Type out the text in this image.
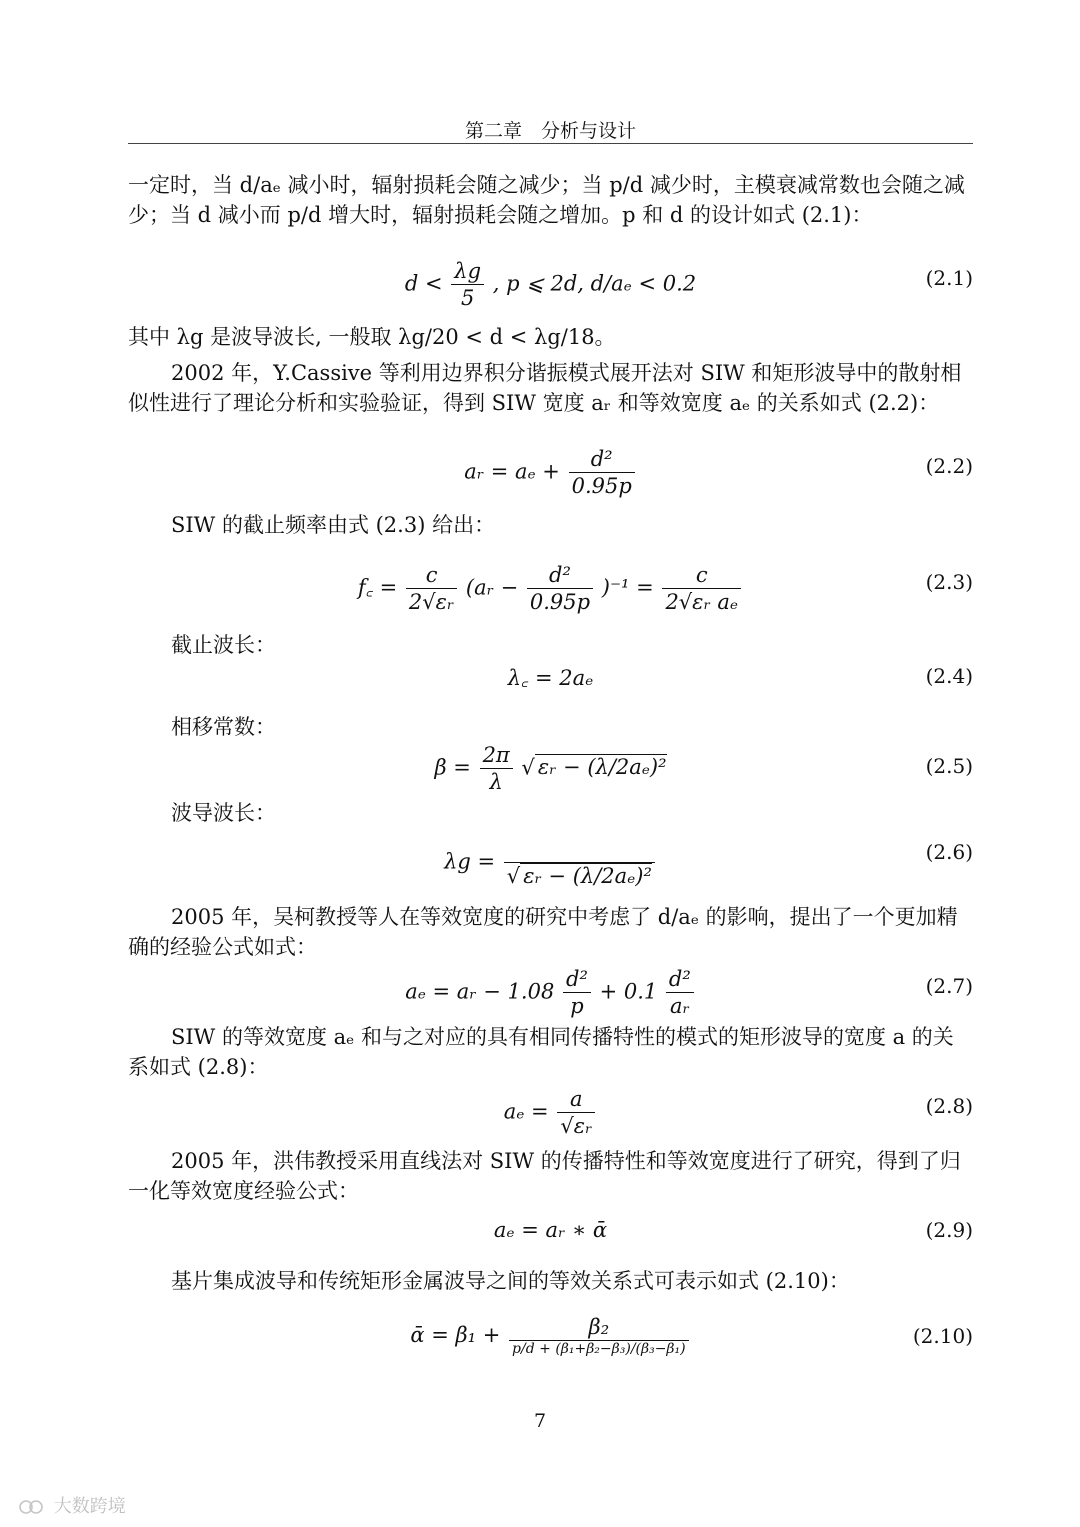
第二章　分析与设计
一定时，当 d/aₑ 减小时，辐射损耗会随之减少；当 p/d 减少时，主模衰减常数也会随之减少；当 d 减小而 p/d 增大时，辐射损耗会随之增加。p 和 d 的设计如式 (2.1)：
$d < \frac{\lambda g}{5}$ , p ⩽ 2d, d/aₑ < 0.2	(2.1)
其中 λg 是波导波长, 一般取 λg/20 < d < λg/18。
2002 年，Y.Cassive 等利用边界积分谐振模式展开法对 SIW 和矩形波导中的散射相似性进行了理论分析和实验验证，得到 SIW 宽度 aᵣ 和等效宽度 aₑ 的关系如式 (2.2)：
aᵣ = $a_e + \frac{\text{d²}}{0.95p}$	(2.2)
SIW 的截止频率由式 (2.3) 给出：
f꜀ = $\frac{c}{\text{2√εᵣ}}$ (aᵣ − $\frac{\text{d²}}{0.95p} )^{-1} = \frac{c}{\text{2√εᵣ aₑ}}$	(2.3)
截止波长：
λ꜀ = 2aₑ	(2.4)
相移常数：
$\beta = \frac{2\pi}{\lambda}$ √ εᵣ − (λ/2aₑ)²	(2.5)
波导波长：
λg =

√ εᵣ − (λ/2aₑ)²
(2.6)
2005 年，吴柯教授等人在等效宽度的研究中考虑了 d/aₑ 的影响，提出了一个更加精确的经验公式如式：
aₑ = aᵣ − $1.08 \frac{\text{d²}}{p} + 0.1 \frac{\text{d²}}{\text{aᵣ}}$	(2.7)
SIW 的等效宽度 aₑ 和与之对应的具有相同传播特性的模式的矩形波导的宽度 a 的关系如式 (2.8)：
$a_e = \frac{a}{\text{√εᵣ}}$	(2.8)
2005 年，洪伟教授采用直线法对 SIW 的传播特性和等效宽度进行了研究，得到了归一化等效宽度经验公式：
aₑ = aᵣ ∗ ᾱ	(2.9)
基片集成波导和传统矩形金属波导之间的等效关系式可表示如式 (2.10)：
ᾱ = $\beta_1 + \frac{\text{β₂}}{\text{p/d + (β₁+β₂−β₃)/(β₃−β₁)}}$	(2.10)
7
大数跨境
